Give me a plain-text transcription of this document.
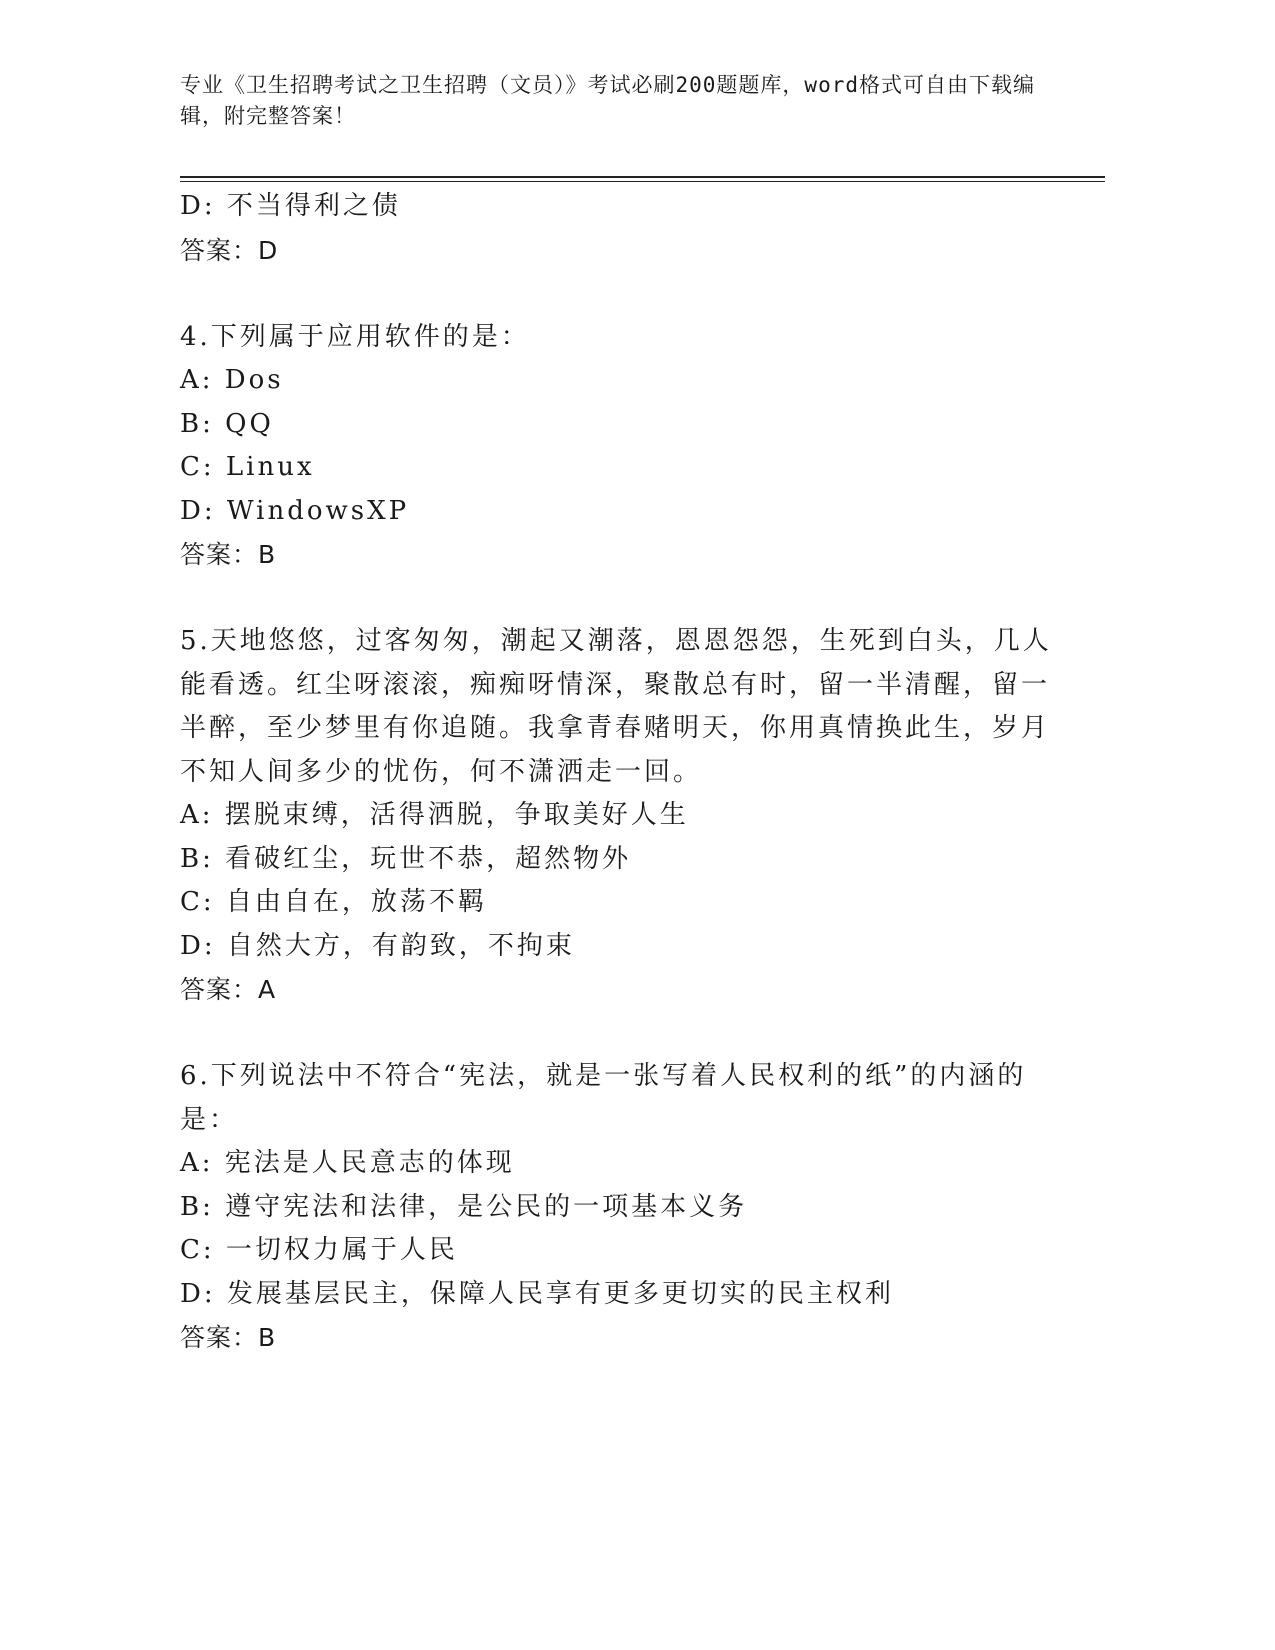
专业《卫生招聘考试之卫生招聘（文员）》考试必刷200题题库，word格式可自由下载编辑，附完整答案！
D: 不当得利之债
答案：D
4.下列属于应用软件的是：
A: Dos
B: QQ
C: Linux
D: WindowsXP
答案：B
5.天地悠悠，过客匆匆，潮起又潮落，恩恩怨怨，生死到白头，几人
能看透。红尘呀滚滚，痴痴呀情深，聚散总有时，留一半清醒，留一
半醉，至少梦里有你追随。我拿青春赌明天，你用真情换此生，岁月
不知人间多少的忧伤，何不潇洒走一回。
A: 摆脱束缚，活得洒脱，争取美好人生
B: 看破红尘，玩世不恭，超然物外
C: 自由自在，放荡不羁
D: 自然大方，有韵致，不拘束
答案：A
6.下列说法中不符合“宪法，就是一张写着人民权利的纸”的内涵的
是：
A: 宪法是人民意志的体现
B: 遵守宪法和法律，是公民的一项基本义务
C: 一切权力属于人民
D: 发展基层民主，保障人民享有更多更切实的民主权利
答案：B
